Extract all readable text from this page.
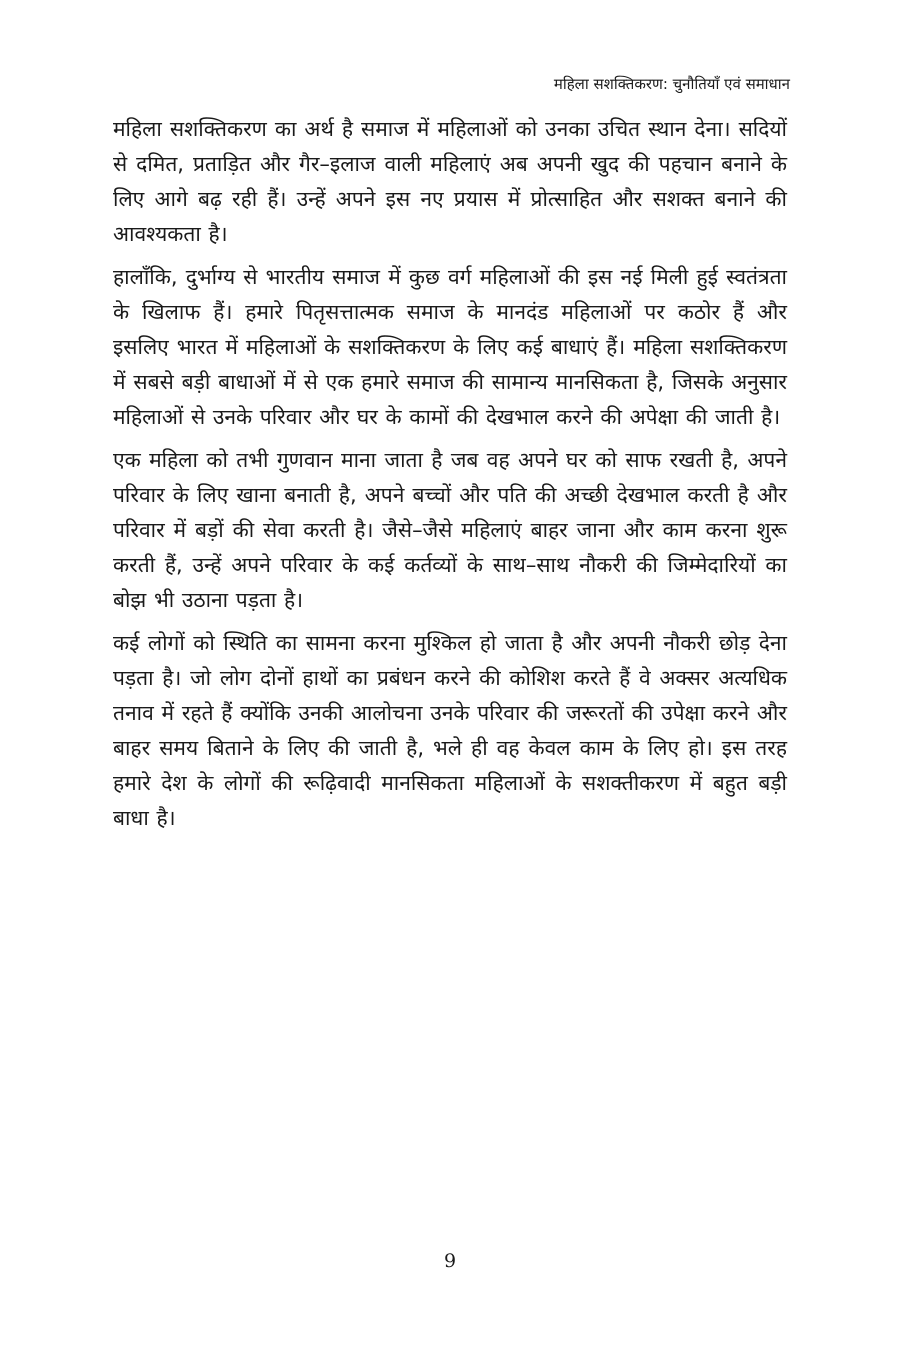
महिला सशक्तिकरण: चुनौतियाँ एवं समाधान

महिला सशक्तिकरण का अर्थ है समाज में महिलाओं को उनका उचित स्थान देना। सदियों से दमित, प्रताड़ित और गैर–इलाज वाली महिलाएं अब अपनी खुद की पहचान बनाने के लिए आगे बढ़ रही हैं। उन्हें अपने इस नए प्रयास में प्रोत्साहित और सशक्त बनाने की आवश्यकता है।

हालाँकि, दुर्भाग्य से भारतीय समाज में कुछ वर्ग महिलाओं की इस नई मिली हुई स्वतंत्रता के खिलाफ हैं। हमारे पितृसत्तात्मक समाज के मानदंड महिलाओं पर कठोर हैं और इसलिए भारत में महिलाओं के सशक्तिकरण के लिए कई बाधाएं हैं। महिला सशक्तिकरण में सबसे बड़ी बाधाओं में से एक हमारे समाज की सामान्य मानसिकता है, जिसके अनुसार महिलाओं से उनके परिवार और घर के कामों की देखभाल करने की अपेक्षा की जाती है।

एक महिला को तभी गुणवान माना जाता है जब वह अपने घर को साफ रखती है, अपने परिवार के लिए खाना बनाती है, अपने बच्चों और पति की अच्छी देखभाल करती है और परिवार में बड़ों की सेवा करती है। जैसे–जैसे महिलाएं बाहर जाना और काम करना शुरू करती हैं, उन्हें अपने परिवार के कई कर्तव्यों के साथ–साथ नौकरी की जिम्मेदारियों का बोझ भी उठाना पड़ता है।

कई लोगों को स्थिति का सामना करना मुश्किल हो जाता है और अपनी नौकरी छोड़ देना पड़ता है। जो लोग दोनों हाथों का प्रबंधन करने की कोशिश करते हैं वे अक्सर अत्यधिक तनाव में रहते हैं क्योंकि उनकी आलोचना उनके परिवार की जरूरतों की उपेक्षा करने और बाहर समय बिताने के लिए की जाती है, भले ही वह केवल काम के लिए हो। इस तरह हमारे देश के लोगों की रूढ़िवादी मानसिकता महिलाओं के सशक्तीकरण में बहुत बड़ी बाधा है।

9
